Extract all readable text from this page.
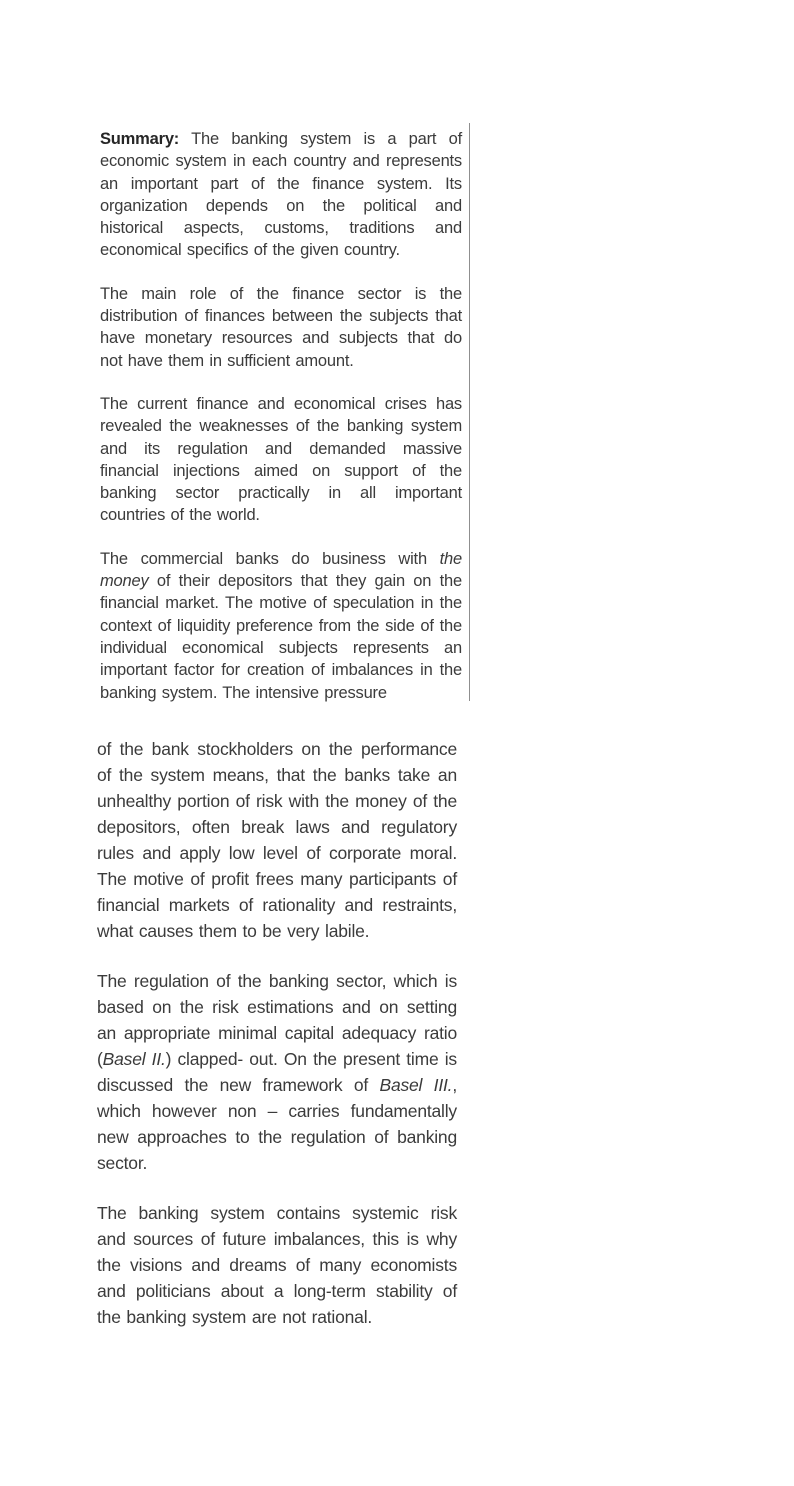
Summary: The banking system is a part of economic system in each country and represents an important part of the finance system. Its organization depends on the political and historical aspects, customs, traditions and economical specifics of the given country.

The main role of the finance sector is the distribution of finances between the subjects that have monetary resources and subjects that do not have them in sufficient amount.

The current finance and economical crises has revealed the weaknesses of the banking system and its regulation and demanded massive financial injections aimed on support of the banking sector practically in all important countries of the world.

The commercial banks do business with the money of their depositors that they gain on the financial market. The motive of speculation in the context of liquidity preference from the side of the individual economical subjects represents an important factor for creation of imbalances in the banking system. The intensive pressure

of the bank stockholders on the performance of the system means, that the banks take an unhealthy portion of risk with the money of the depositors, often break laws and regulatory rules and apply low level of corporate moral. The motive of profit frees many participants of financial markets of rationality and restraints, what causes them to be very labile.

The regulation of the banking sector, which is based on the risk estimations and on setting an appropriate minimal capital adequacy ratio (Basel II.) clapped- out. On the present time is discussed the new framework of Basel III., which however non – carries fundamentally new approaches to the regulation of banking sector.

The banking system contains systemic risk and sources of future imbalances, this is why the visions and dreams of many economists and politicians about a long-term stability of the banking system are not rational.
